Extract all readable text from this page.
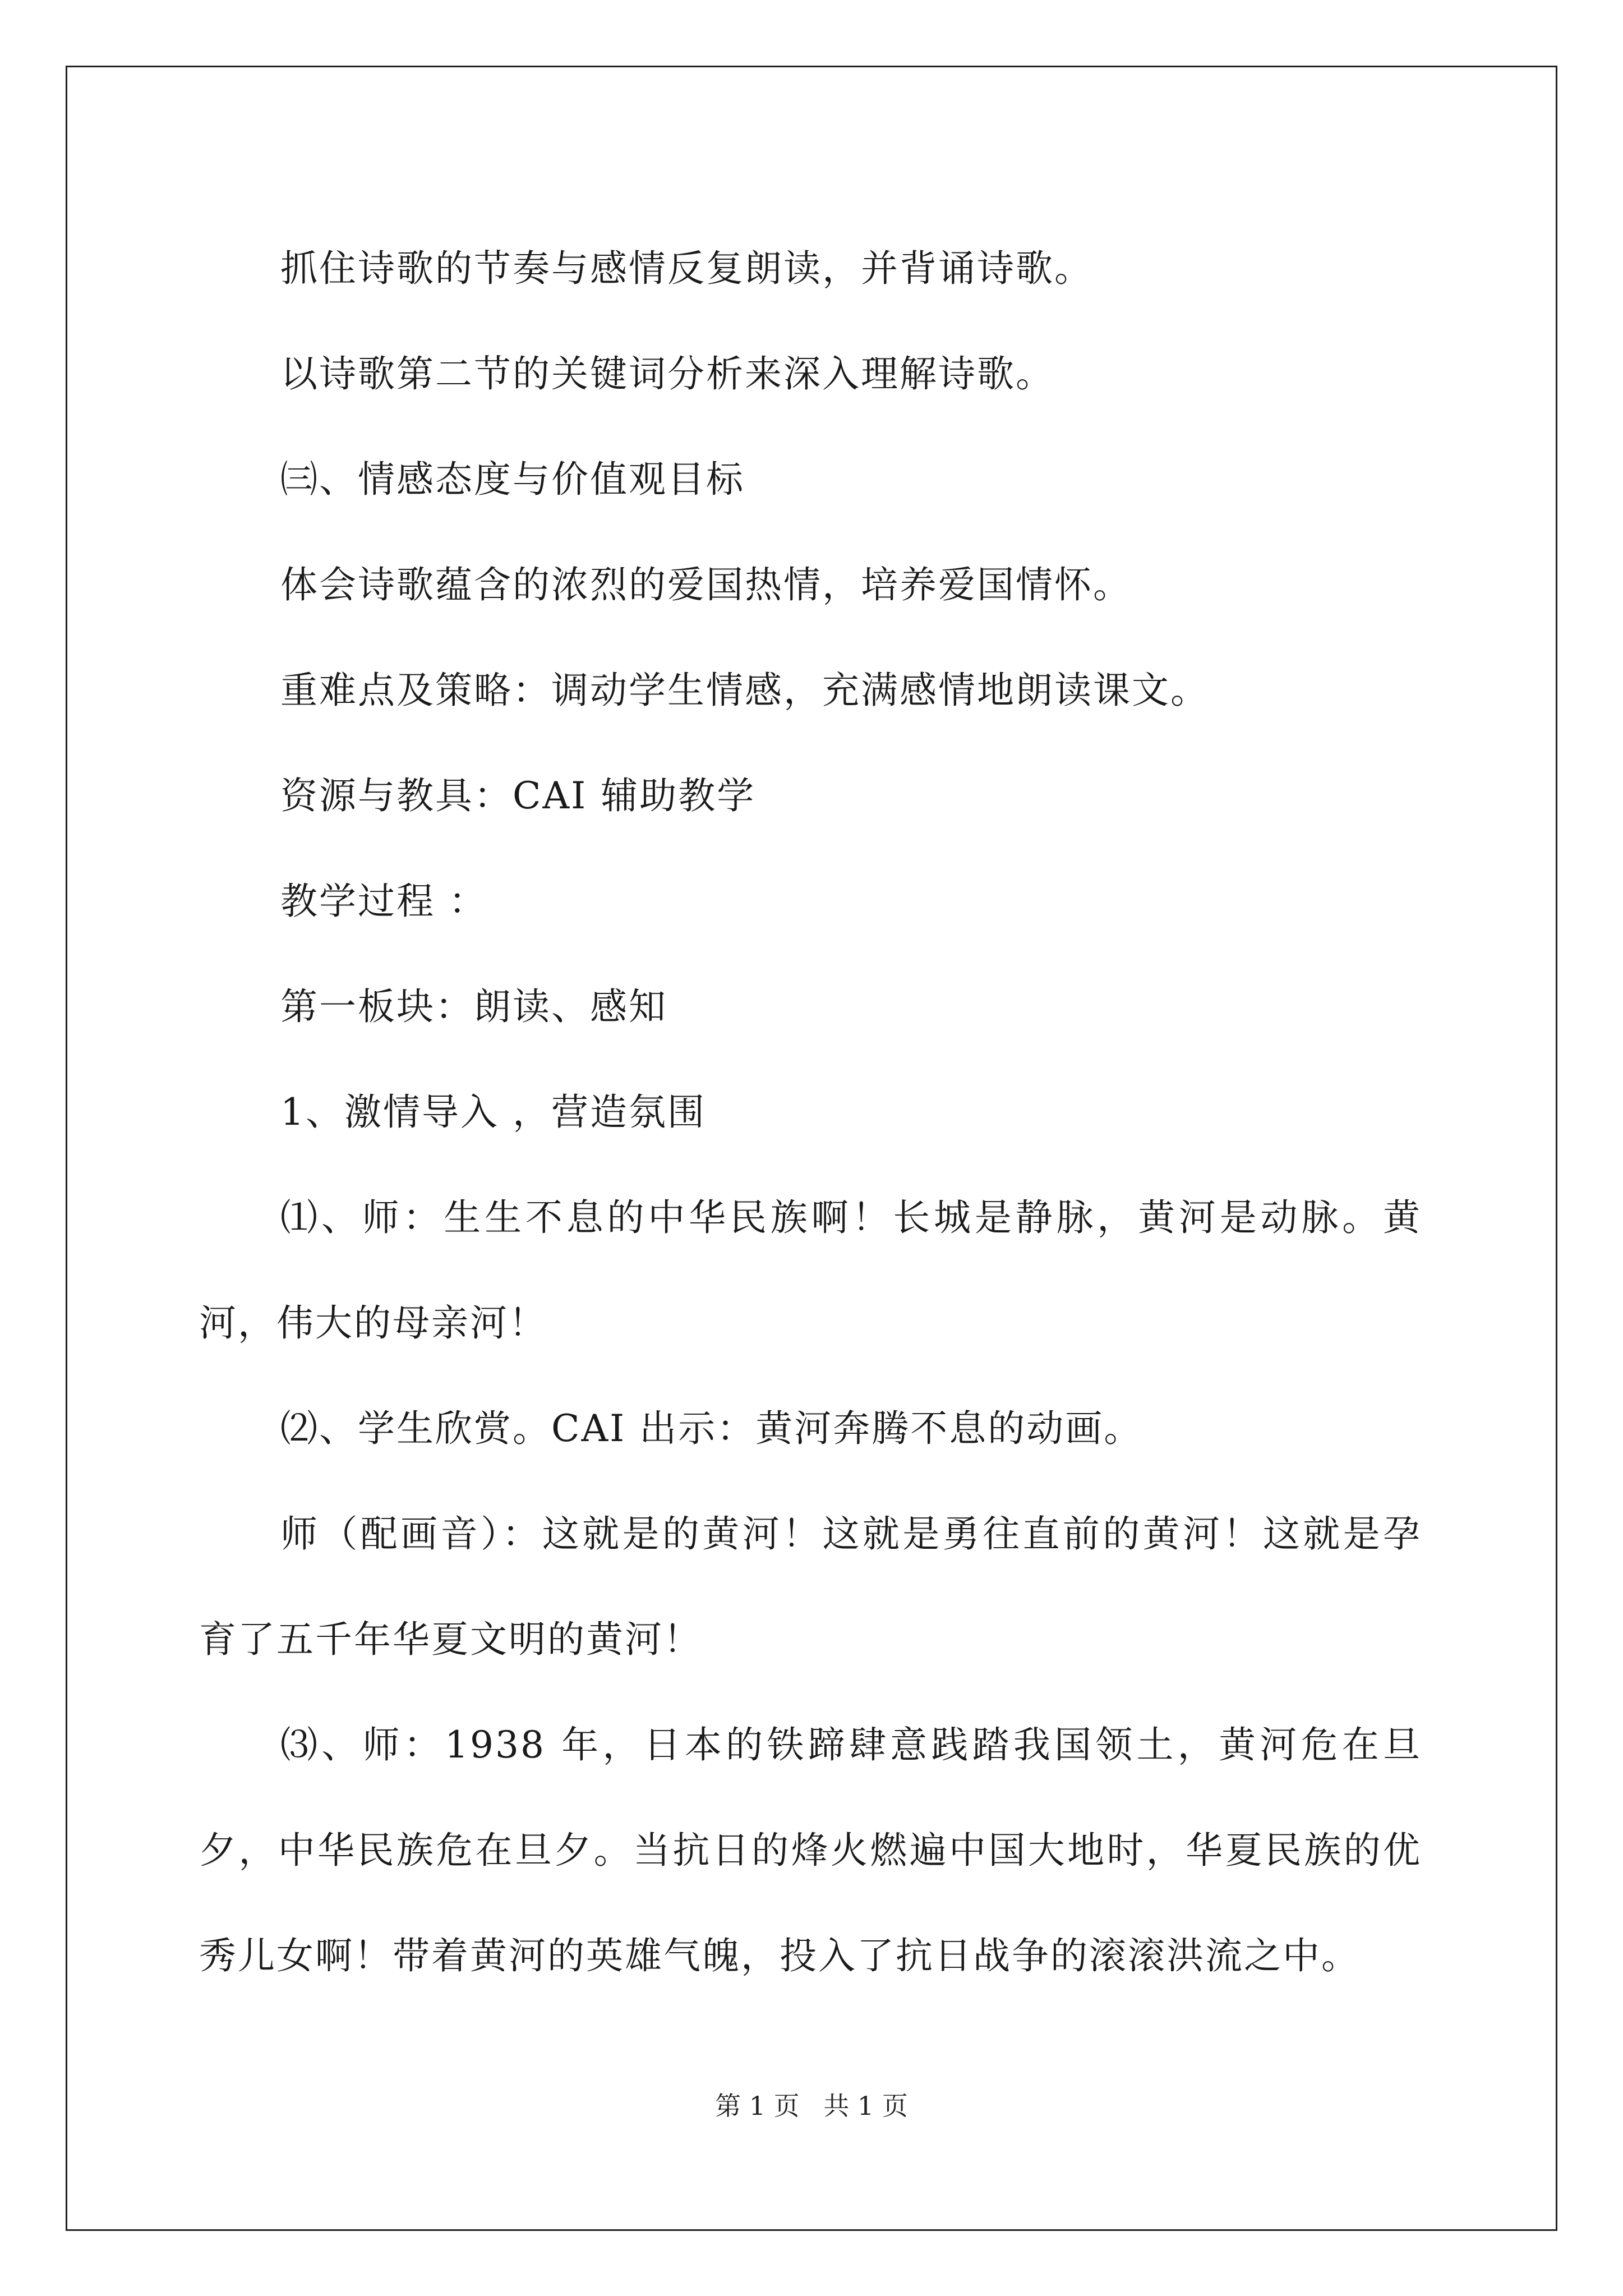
抓住诗歌的节奏与感情反复朗读，并背诵诗歌。

以诗歌第二节的关键词分析来深入理解诗歌。

㈢、情感态度与价值观目标

体会诗歌蕴含的浓烈的爱国热情，培养爱国情怀。

重难点及策略：调动学生情感，充满感情地朗读课文。

资源与教具：CAI 辅助教学

教学过程 ：

第一板块：朗读、感知

1、激情导入 ，营造氛围

⑴、师：生生不息的中华民族啊！长城是静脉，黄河是动脉。黄河，伟大的母亲河！

⑵、学生欣赏。CAI 出示：黄河奔腾不息的动画。

师（配画音）：这就是的黄河！这就是勇往直前的黄河！这就是孕育了五千年华夏文明的黄河！

⑶、师：1938 年，日本的铁蹄肆意践踏我国领土，黄河危在旦夕，中华民族危在旦夕。当抗日的烽火燃遍中国大地时，华夏民族的优秀儿女啊！带着黄河的英雄气魄，投入了抗日战争的滚滚洪流之中。

第 1 页 共 1 页
